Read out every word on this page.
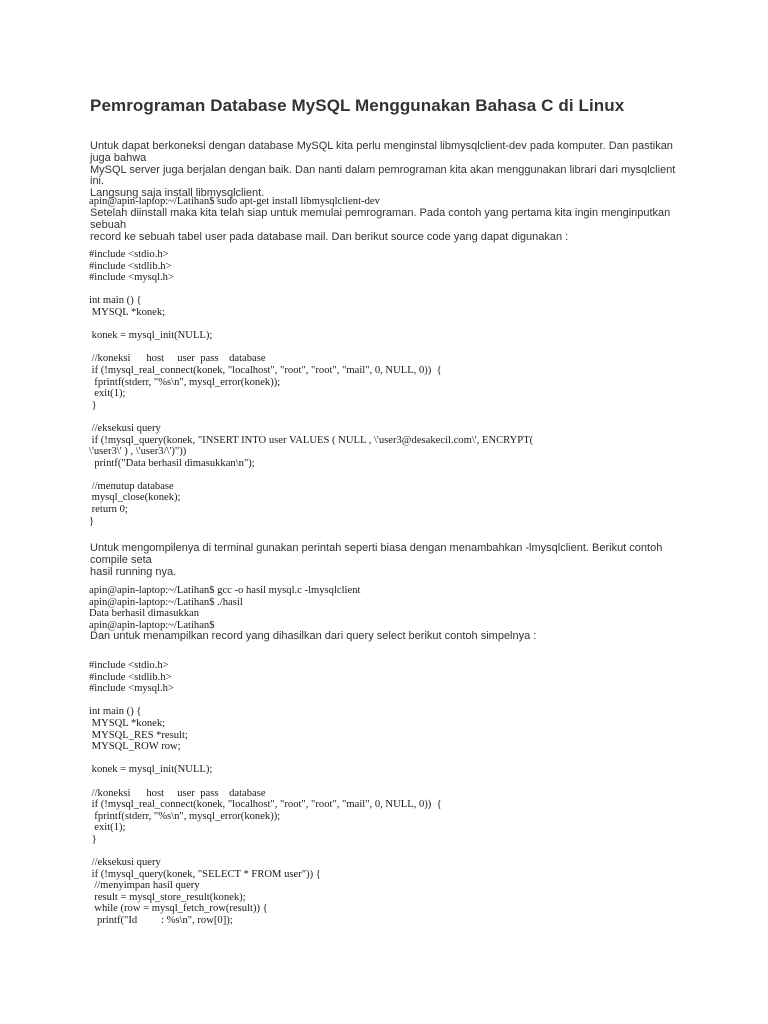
Pemrograman Database MySQL Menggunakan Bahasa C di Linux
Untuk dapat berkoneksi dengan database MySQL kita perlu menginstal libmysqlclient-dev pada komputer. Dan pastikan juga bahwa
MySQL server juga berjalan dengan baik. Dan nanti dalam pemrograman kita akan menggunakan librari dari mysqlclient ini.
Langsung saja install libmysqlclient.
apin@apin-laptop:~/Latihan$ sudo apt-get install libmysqlclient-dev
Setelah diinstall maka kita telah siap untuk memulai pemrograman. Pada contoh yang pertama kita ingin menginputkan sebuah
record ke sebuah tabel user pada database mail. Dan berikut source code yang dapat digunakan :
#include <stdio.h>
#include <stdlib.h>
#include <mysql.h>

int main () {
MYSQL *konek;

konek = mysql_init(NULL);

//koneksi      host     user  pass    database
if (!mysql_real_connect(konek, "localhost", "root", "root", "mail", 0, NULL, 0))  {
fprintf(stderr, "%s\n", mysql_error(konek));
exit(1);
}

//eksekusi query
if (!mysql_query(konek, "INSERT INTO user VALUES ( NULL , \'user3@desakecil.com\', ENCRYPT(
\'user3\' ) , \'user3/\')"))
printf("Data berhasil dimasukkan\n");

//menutup database
mysql_close(konek);
return 0;
}
Untuk mengompilenya di terminal gunakan perintah seperti biasa dengan menambahkan -lmysqlclient. Berikut contoh compile seta
hasil running nya.
apin@apin-laptop:~/Latihan$ gcc -o hasil mysql.c -lmysqlclient
apin@apin-laptop:~/Latihan$ ./hasil
Data berhasil dimasukkan
apin@apin-laptop:~/Latihan$
Dan untuk menampilkan record yang dihasilkan dari query select berikut contoh simpelnya :
#include <stdio.h>
#include <stdlib.h>
#include <mysql.h>

int main () {
MYSQL *konek;
MYSQL_RES *result;
MYSQL_ROW row;

konek = mysql_init(NULL);

//koneksi      host     user  pass    database
if (!mysql_real_connect(konek, "localhost", "root", "root", "mail", 0, NULL, 0))  {
fprintf(stderr, "%s\n", mysql_error(konek));
exit(1);
}

//eksekusi query
if (!mysql_query(konek, "SELECT * FROM user")) {
//menyimpan hasil query
result = mysql_store_result(konek);
while (row = mysql_fetch_row(result)) {
printf("Id         : %s\n", row[0]);
